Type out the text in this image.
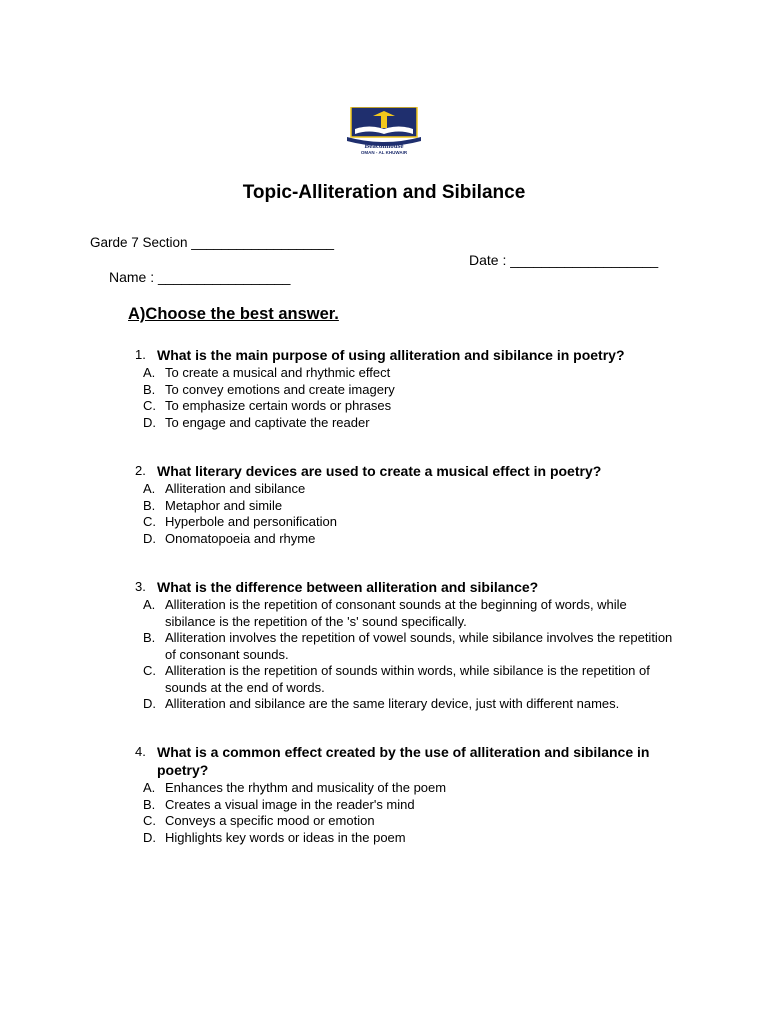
Beaconhouse
OMAN - AL KHUWAIR
Topic-Alliteration and Sibilance
Garde 7 Section ___________________
Date : ___________________
Name : _________________
A)Choose the best answer.
1. What is the main purpose of using alliteration and sibilance in poetry?
A. To create a musical and rhythmic effect
B. To convey emotions and create imagery
C. To emphasize certain words or phrases
D. To engage and captivate the reader
2. What literary devices are used to create a musical effect in poetry?
A. Alliteration and sibilance
B. Metaphor and simile
C. Hyperbole and personification
D. Onomatopoeia and rhyme
3. What is the difference between alliteration and sibilance?
A. Alliteration is the repetition of consonant sounds at the beginning of words, while sibilance is the repetition of the 's' sound specifically.
B. Alliteration involves the repetition of vowel sounds, while sibilance involves the repetition of consonant sounds.
C. Alliteration is the repetition of sounds within words, while sibilance is the repetition of sounds at the end of words.
D. Alliteration and sibilance are the same literary device, just with different names.
4. What is a common effect created by the use of alliteration and sibilance in poetry?
A. Enhances the rhythm and musicality of the poem
B. Creates a visual image in the reader's mind
C. Conveys a specific mood or emotion
D. Highlights key words or ideas in the poem
